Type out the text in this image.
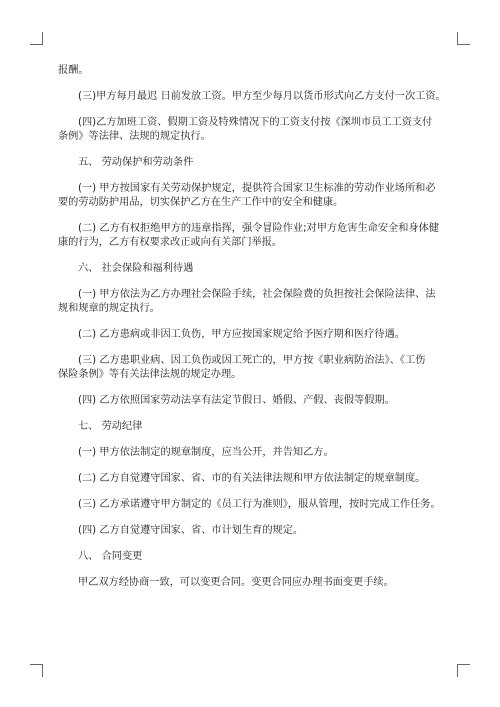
报酬。

(三)甲方每月最迟 日前发放工资。甲方至少每月以货币形式向乙方支付一次工资。

(四)乙方加班工资、假期工资及特殊情况下的工资支付按《深圳市员工工资支付

条例》等法律、法规的规定执行。

五、 劳动保护和劳动条件

(一) 甲方按国家有关劳动保护规定，提供符合国家卫生标准的劳动作业场所和必

要的劳动防护用品，切实保护乙方在生产工作中的安全和健康。

(二) 乙方有权拒绝甲方的违章指挥，强令冒险作业;对甲方危害生命安全和身体健

康的行为，乙方有权要求改正或向有关部门举报。

六、 社会保险和福利待遇

(一) 甲方依法为乙方办理社会保险手续，社会保险费的负担按社会保险法律、法

规和规章的规定执行。

(二) 乙方患病或非因工负伤，甲方应按国家规定给予医疗期和医疗待遇。

(三) 乙方患职业病、因工负伤或因工死亡的，甲方按《职业病防治法》、《工伤

保险条例》等有关法律法规的规定办理。

(四) 乙方依照国家劳动法享有法定节假日、婚假、产假、丧假等假期。

七、 劳动纪律

(一) 甲方依法制定的规章制度，应当公开，并告知乙方。

(二) 乙方自觉遵守国家、省、市的有关法律法规和甲方依法制定的规章制度。

(三) 乙方承诺遵守甲方制定的《员工行为准则》，服从管理，按时完成工作任务。

(四) 乙方自觉遵守国家、省、市计划生育的规定。

八、 合同变更

甲乙双方经协商一致，可以变更合同。变更合同应办理书面变更手续。
